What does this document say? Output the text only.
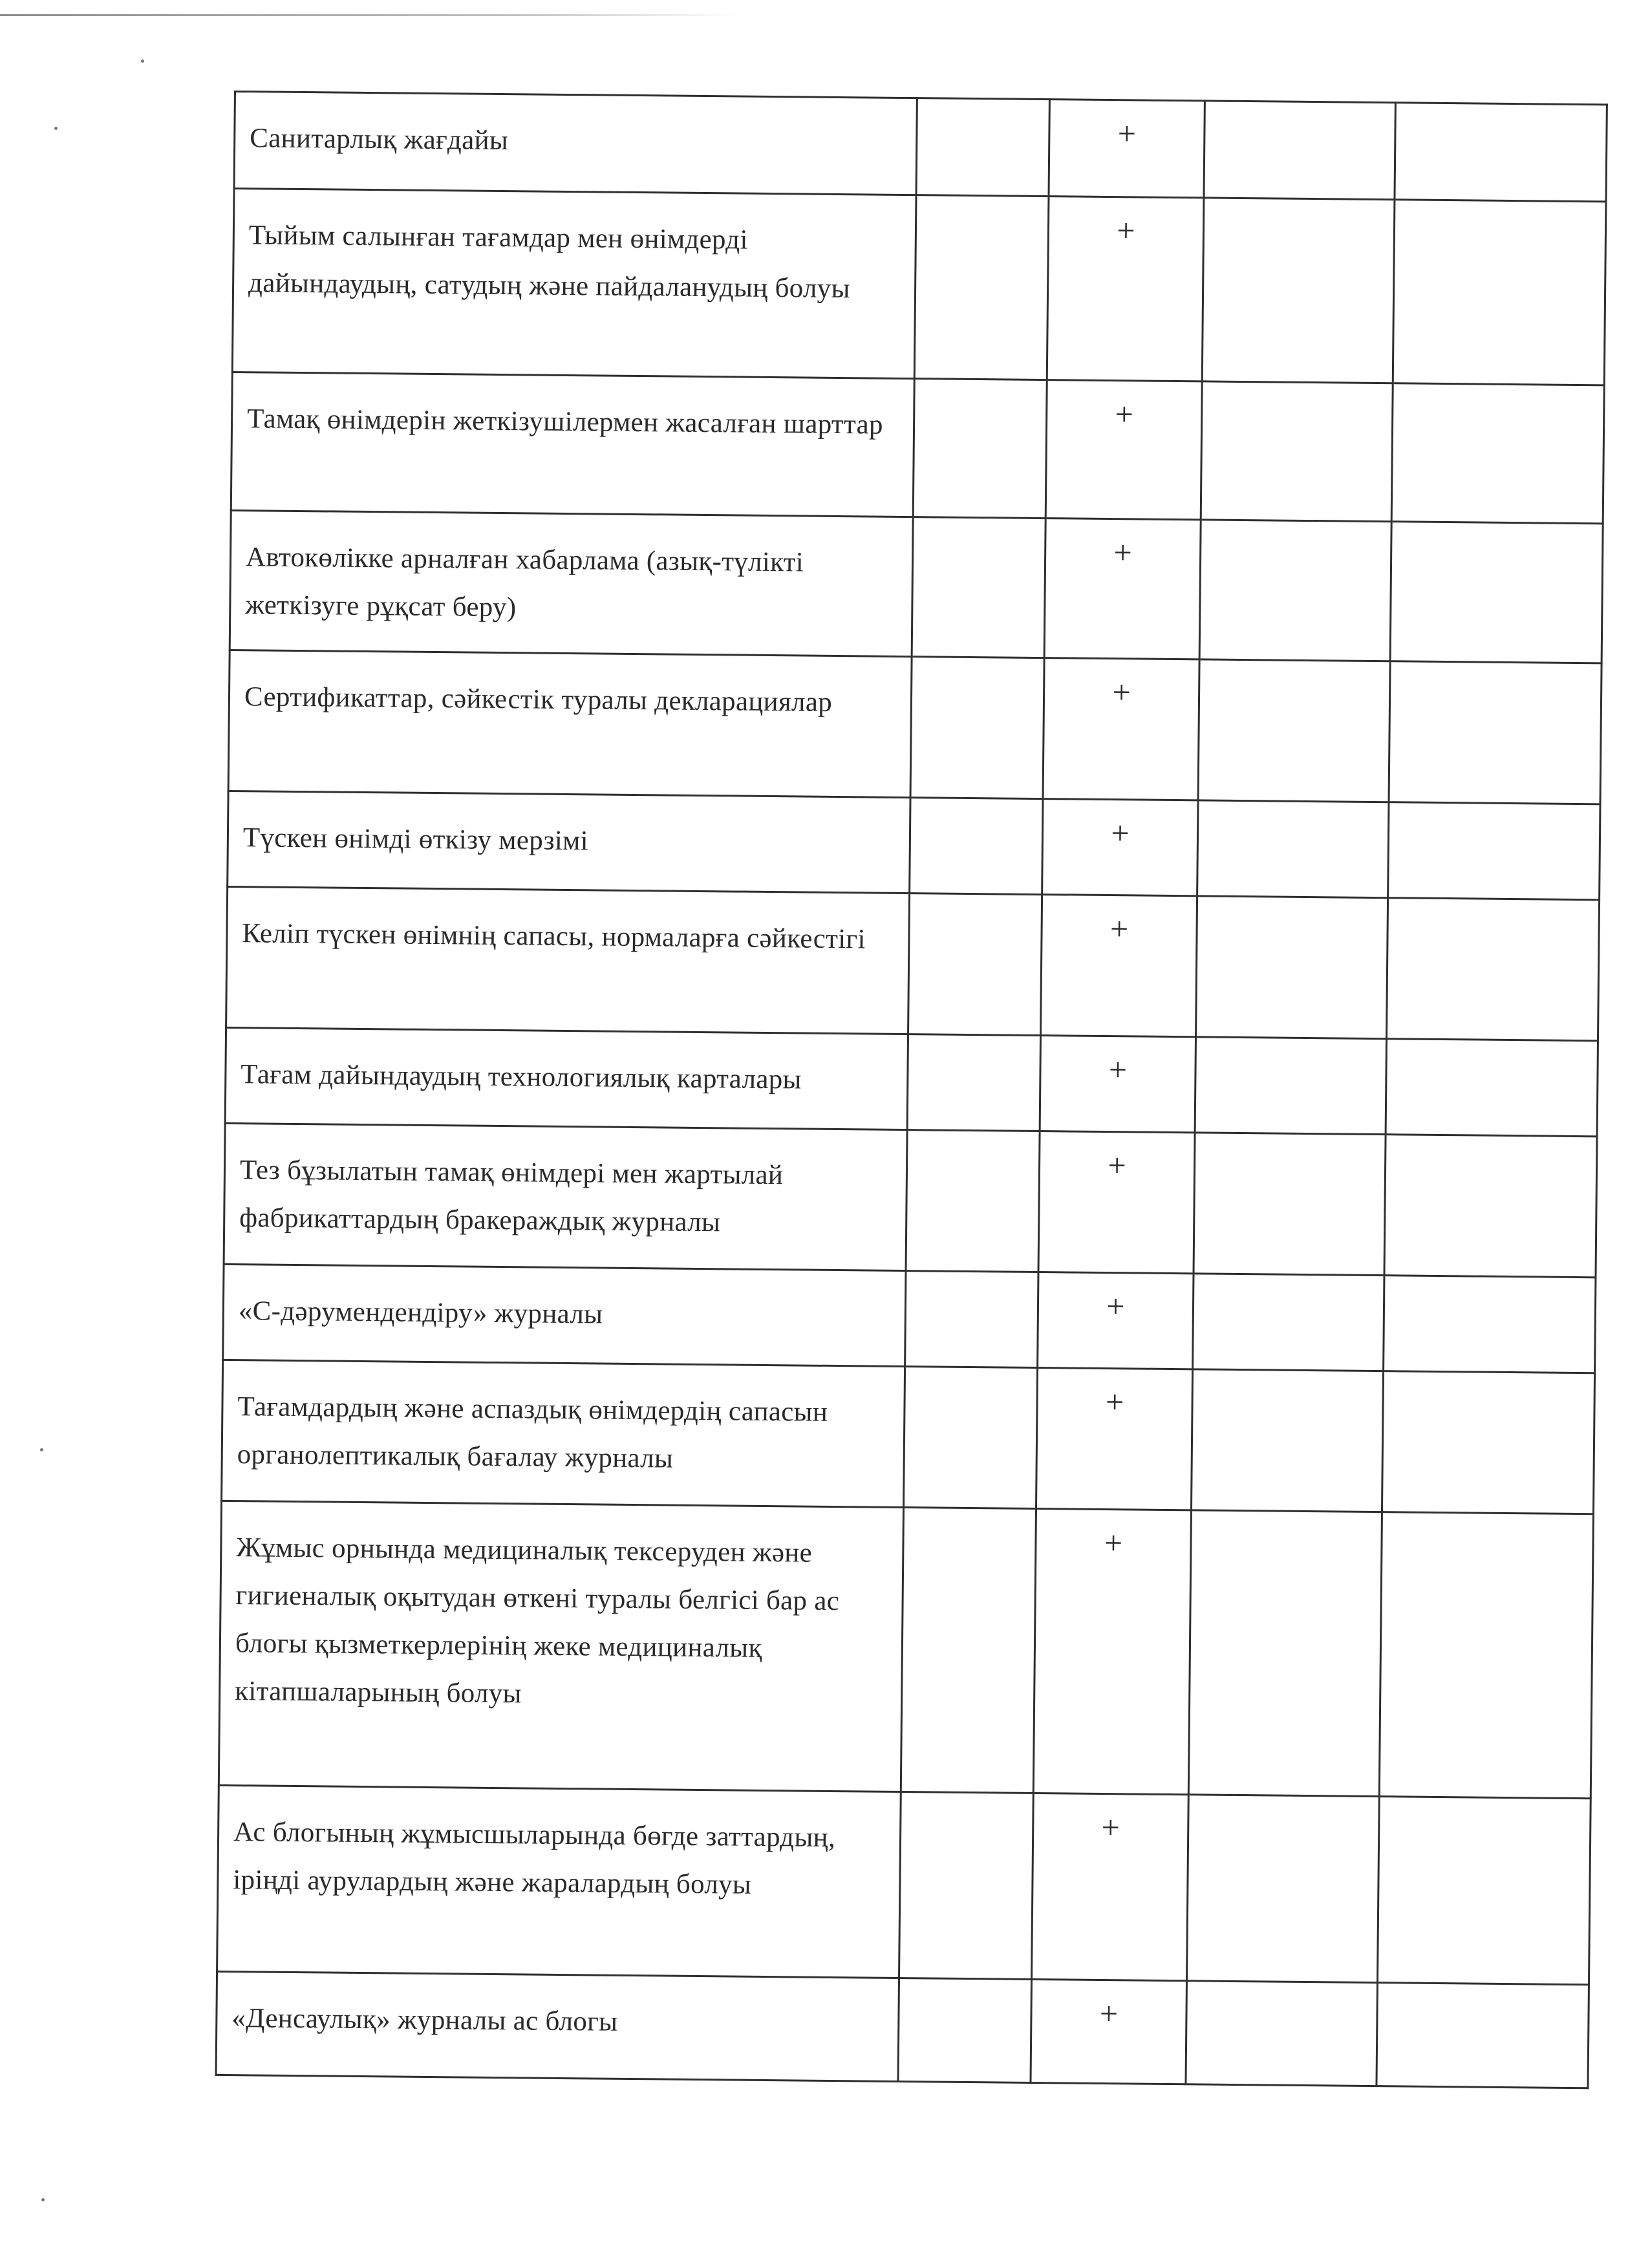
Санитарлық жағдайы		+		
Тыйым салынған тағамдар мен өнімдерді дайындаудың, сатудың және пайдаланудың болуы		+		
Тамақ өнімдерін жеткізушілермен жасалған шарттар		+		
Автокөлікке арналған хабарлама (азық-түлікті жеткізуге рұқсат беру)		+		
Сертификаттар, сәйкестік туралы декларациялар		+		
Түскен өнімді өткізу мерзімі		+		
Келіп түскен өнімнің сапасы, нормаларға сәйкестігі		+		
Тағам дайындаудың технологиялық карталары		+		
Тез бұзылатын тамақ өнімдері мен жартылай фабрикаттардың бракераждық журналы		+		
«С-дәрумендендіру» журналы		+		
Тағамдардың және аспаздық өнімдердің сапасын органолептикалық бағалау журналы		+		
Жұмыс орнында медициналық тексеруден және гигиеналық оқытудан өткені туралы белгісі бар ас блогы қызметкерлерінің жеке медициналық кітапшаларының болуы		+		
Ас блогының жұмысшыларында бөгде заттардың, іріңді аурулардың және жаралардың болуы		+		
«Денсаулық» журналы ас блогы		+		
